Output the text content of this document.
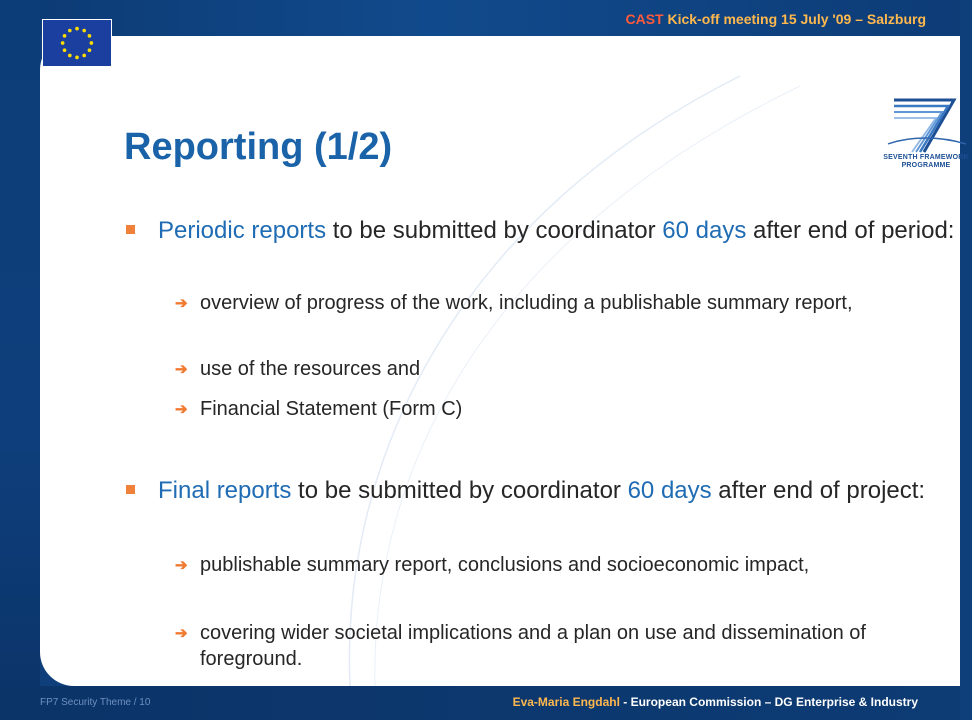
SEVENTH FRAMEWORK
PROGRAMME
Reporting (1/2)
Periodic reports to be submitted by coordinator 60 days after end of period:
➔ overview of progress of the work, including a publishable summary report,
➔ use of the resources and
➔ Financial Statement (Form C)
Final reports to be submitted by coordinator 60 days after end of project:
➔ publishable summary report, conclusions and socioeconomic impact,
➔ covering wider societal implications and a plan on use and dissemination of foreground.

CAST Kick-off meeting 15 July '09 – Salzburg

FP7 Security Theme / 10	Eva-Maria Engdahl - European Commission – DG Enterprise & Industry
